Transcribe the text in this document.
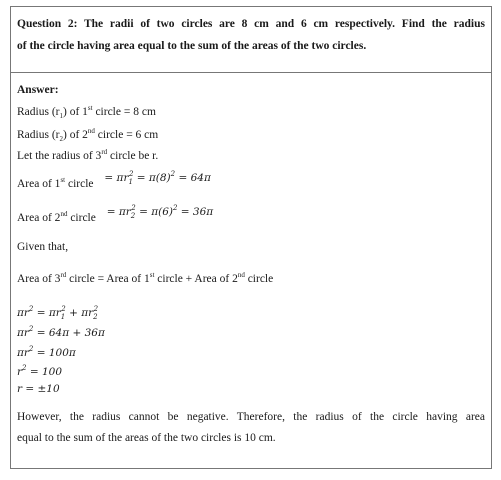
Question 2: The radii of two circles are 8 cm and 6 cm respectively. Find the radius
of the circle having area equal to the sum of the areas of the two circles.

Answer:
Radius $(r_1)$ of 1st circle = 8 cm
Radius $(r_2)$ of 2nd circle = 6 cm
Let the radius of 3rd circle be r.
Area of 1st circle = $\pi r_1^2 = \pi(8)^2 = 64\pi$
Area of 2nd circle = $\pi r_2^2 = \pi(6)^2 = 36\pi$
Given that,
Area of 3rd circle = Area of 1st circle + Area of 2nd circle
$\pi r^2 = \pi r_1^2 + \pi r_2^2$
$\pi r^2 = 64\pi + 36\pi$
$\pi r^2 = 100\pi$
$r^2 = 100$
r = ±10
However, the radius cannot be negative. Therefore, the radius of the circle having area
equal to the sum of the areas of the two circles is 10 cm.
